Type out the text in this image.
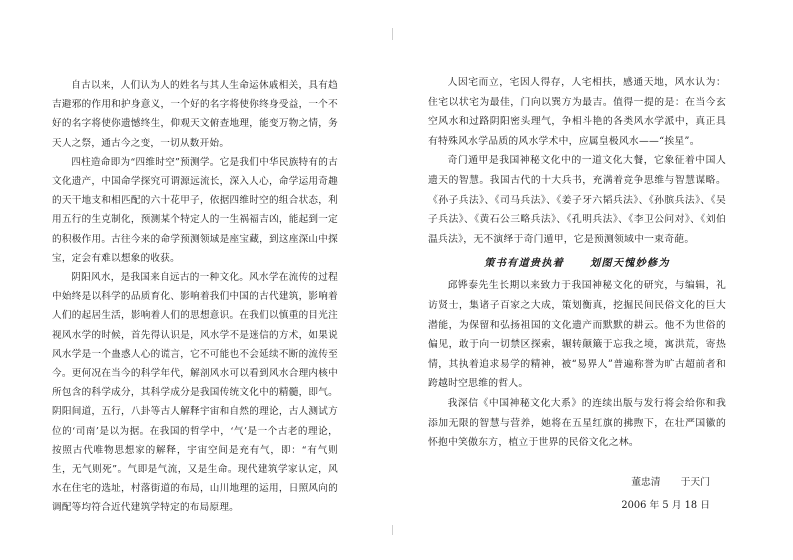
自古以来，人们认为人的姓名与其人生命运休戚相关，具有趋吉避邪的作用和护身意义，一个好的名字将使你终身受益，一个不好的名字将使你遗憾终生，仰观天文俯查地理，能变万物之情，务天人之祭，通古今之变，一切从数开始。

四柱造命即为“四维时空”预测学。它是我们中华民族特有的古文化遗产，中国命学探究可谓源远流长，深入人心，命学运用奇趣的天干地支和相匹配的六十花甲子，依据四维时空的组合状态，利用五行的生克制化，预测某个特定人的一生祸福吉凶，能起到一定的积极作用。古往今来的命学预测领域是座宝藏，到这座深山中探宝，定会有难以想象的收获。

阴阳风水，是我国来自远古的一种文化。风水学在流传的过程中始终是以科学的品质育化、影响着我们中国的古代建筑，影响着人们的起居生活，影响着人们的思想意识。在我们以慎重的目光注视风水学的时候，首先得认识是，风水学不是迷信的方术，如果说风水学是一个蛊惑人心的谎言，它不可能也不会延续不断的流传至今。更何况在当今的科学年代，解剖风水可以看到风水合理内核中所包含的科学成分，其科学成分是我国传统文化中的精髓，即气。阴阳间道，五行，八卦等古人解释宇宙和自然的理论，古人测试方位的‘司南’是以为据。在我国的哲学中，‘气’是一个古老的理论，按照古代唯物思想家的解释，宇宙空间是充有气，即：“有气则生，无气则死”。气即是气流，又是生命。现代建筑学家认定，风水在住宅的选址，村落街道的布局，山川地理的运用，日照风向的调配等均符合近代建筑学特定的布局原理。

人因宅而立，宅因人得存，人宅相扶，感通天地，风水认为：住宅以状宅为最佳，门向以巽方为最吉。值得一提的是：在当今玄空风水和过路阴阳密头理气，争相斗艳的各类风水学派中，真正具有特殊风水学品质的风水学术中，应属皇极风水——“挨星”。

奇门遁甲是我国神秘文化中的一道文化大餐，它象征着中国人遗天的智慧。我国古代的十大兵书，充满着竞争思维与智慧谋略。《孙子兵法》、《司马兵法》、《姜子牙六韬兵法》、《孙膑兵法》、《吴子兵法》、《黄石公三略兵法》、《孔明兵法》、《李卫公问对》、《刘伯温兵法》，无不演绎于奇门遁甲，它是预测领域中一束奇葩。

策书有道贵执着	划图天愧妙修为

邱铧泰先生长期以来致力于我国神秘文化的研究，与编辑，礼访贤士，集诸子百家之大成，策划衡真，挖掘民间民俗文化的巨大潜能，为保留和弘扬祖国的文化遗产而默默的耕云。他不为世俗的偏见，敢于向一切禁区探索，辗转颠簸于忘我之境，寓洪荒，寄热情，其执着追求易学的精神，被“易界人”普遍称誉为旷古超前者和跨越时空思维的哲人。

我深信《中国神秘文化大系》的连续出版与发行将会给你和我添加无限的智慧与营养，她将在五星红旗的拂煦下，在壮严国徽的怀抱中笑傲东方，植立于世界的民俗文化之林。

董忠清 于天门
2006 年 5 月 18 日
